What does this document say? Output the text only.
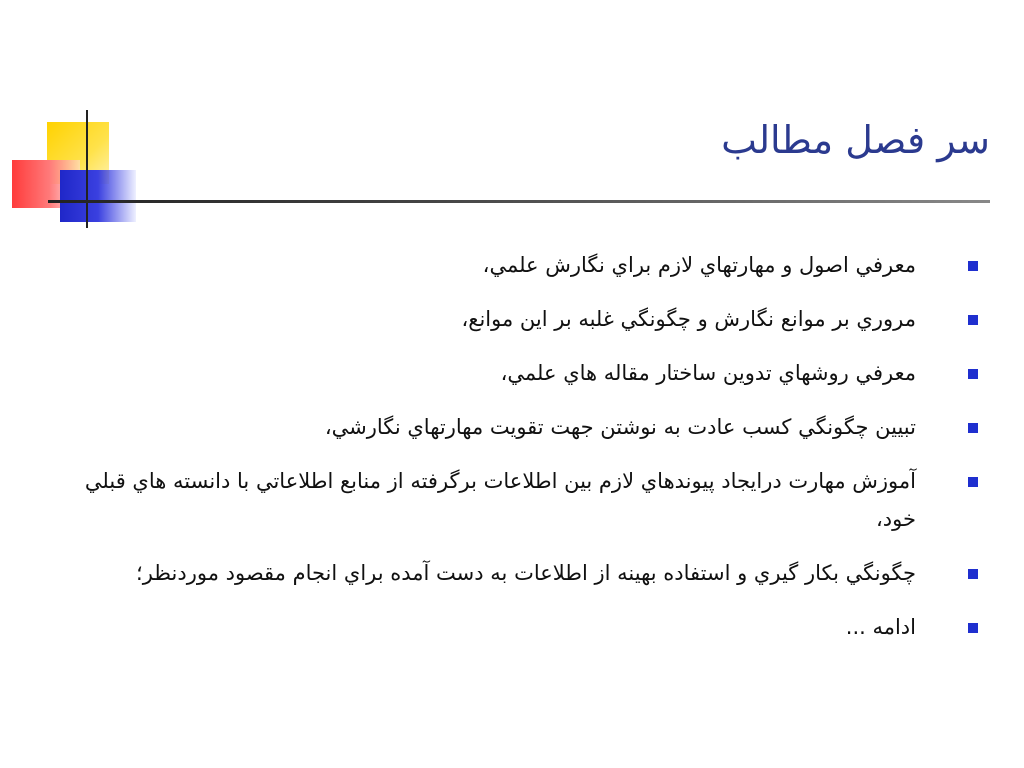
سر فصل مطالب
معرفي اصول و مهارتهاي لازم براي نگارش علمي،
مروري بر موانع نگارش و چگونگي غلبه بر اين موانع،
معرفي روشهاي تدوين ساختار مقاله هاي علمي،
تبيين چگونگي كسب عادت به نوشتن جهت تقويت مهارتهاي نگارشي،
آموزش مهارت درايجاد پيوندهاي لازم بين اطلاعات برگرفته از منابع اطلاعاتي با دانسته هاي قبلي خود،
چگونگي بكار گيري و استفاده بهينه از اطلاعات به دست آمده براي انجام مقصود موردنظر؛
ادامه ...
